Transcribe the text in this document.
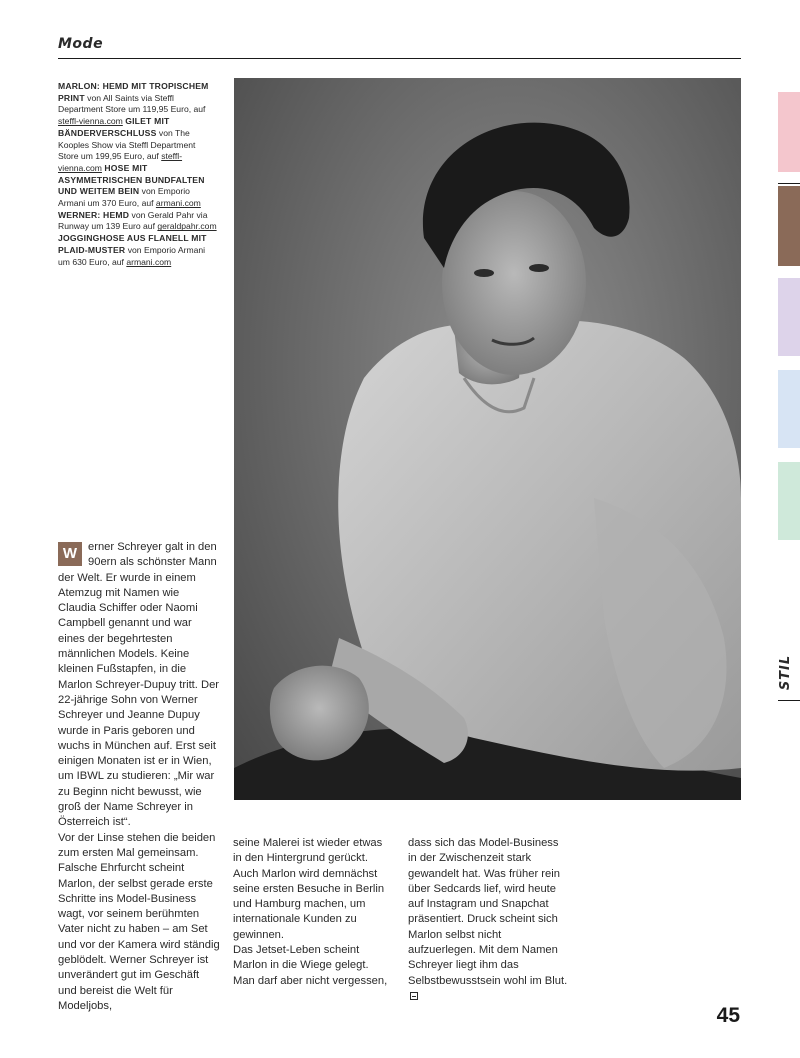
Mode
MARLON: HEMD MIT TROPISCHEM PRINT von All Saints via Steffl Department Store um 119,95 Euro, auf steffl-vienna.com GILET MIT BÄNDERVERSCHLUSS von The Kooples Show via Steffl Department Store um 199,95 Euro, auf steffl-vienna.com HOSE MIT ASYMMETRISCHEN BUNDFALTEN UND WEITEM BEIN von Emporio Armani um 370 Euro, auf armani.com WERNER: HEMD von Gerald Pahr via Runway um 139 Euro auf geraldpahr.com JOGGINGHOSE AUS FLANELL MIT PLAID-MUSTER von Emporio Armani um 630 Euro, auf armani.com
STIL

W erner Schreyer galt in den 90ern als schönster Mann der Welt. Er wurde in einem Atemzug mit Namen wie Claudia Schiffer oder Naomi Campbell genannt und war eines der begehrtesten männlichen Models. Keine kleinen Fußstapfen, in die Marlon Schreyer-Dupuy tritt. Der 22-jährige Sohn von Werner Schreyer und Jeanne Dupuy wurde in Paris geboren und wuchs in München auf. Erst seit einigen Monaten ist er in Wien, um IBWL zu studieren: „Mir war zu Beginn nicht bewusst, wie groß der Name Schreyer in Österreich ist“.

Vor der Linse stehen die beiden zum ersten Mal gemeinsam. Falsche Ehrfurcht scheint Marlon, der selbst gerade erste Schritte ins Model-Business wagt, vor seinem berühmten Vater nicht zu haben – am Set und vor der Kamera wird ständig geblödelt. Werner Schreyer ist unverändert gut im Geschäft und bereist die Welt für Modeljobs,

seine Malerei ist wieder etwas in den Hintergrund gerückt. Auch Marlon wird demnächst seine ersten Besuche in Berlin und Hamburg machen, um internationale Kunden zu gewinnen.

Das Jetset-Leben scheint Marlon in die Wiege gelegt. Man darf aber nicht vergessen,

dass sich das Model-Business in der Zwischenzeit stark gewandelt hat. Was früher rein über Sedcards lief, wird heute auf Instagram und Snapchat präsentiert. Druck scheint sich Marlon selbst nicht aufzuerlegen. Mit dem Namen Schreyer liegt ihm das Selbstbewusstsein wohl im Blut.

45
